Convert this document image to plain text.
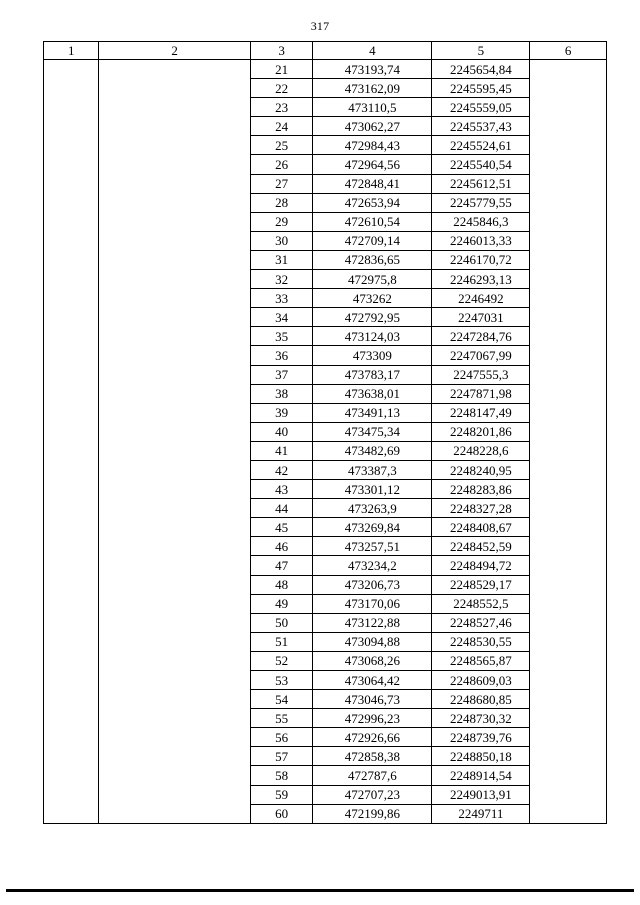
317
1	2	3	4	5	6
		21	473193,74	2245654,84	
		22	473162,09	2245595,45	
		23	473110,5	2245559,05	
		24	473062,27	2245537,43	
		25	472984,43	2245524,61	
		26	472964,56	2245540,54	
		27	472848,41	2245612,51	
		28	472653,94	2245779,55	
		29	472610,54	2245846,3	
		30	472709,14	2246013,33	
		31	472836,65	2246170,72	
		32	472975,8	2246293,13	
		33	473262	2246492	
		34	472792,95	2247031	
		35	473124,03	2247284,76	
		36	473309	2247067,99	
		37	473783,17	2247555,3	
		38	473638,01	2247871,98	
		39	473491,13	2248147,49	
		40	473475,34	2248201,86	
		41	473482,69	2248228,6	
		42	473387,3	2248240,95	
		43	473301,12	2248283,86	
		44	473263,9	2248327,28	
		45	473269,84	2248408,67	
		46	473257,51	2248452,59	
		47	473234,2	2248494,72	
		48	473206,73	2248529,17	
		49	473170,06	2248552,5	
		50	473122,88	2248527,46	
		51	473094,88	2248530,55	
		52	473068,26	2248565,87	
		53	473064,42	2248609,03	
		54	473046,73	2248680,85	
		55	472996,23	2248730,32	
		56	472926,66	2248739,76	
		57	472858,38	2248850,18	
		58	472787,6	2248914,54	
		59	472707,23	2249013,91	
		60	472199,86	2249711	
